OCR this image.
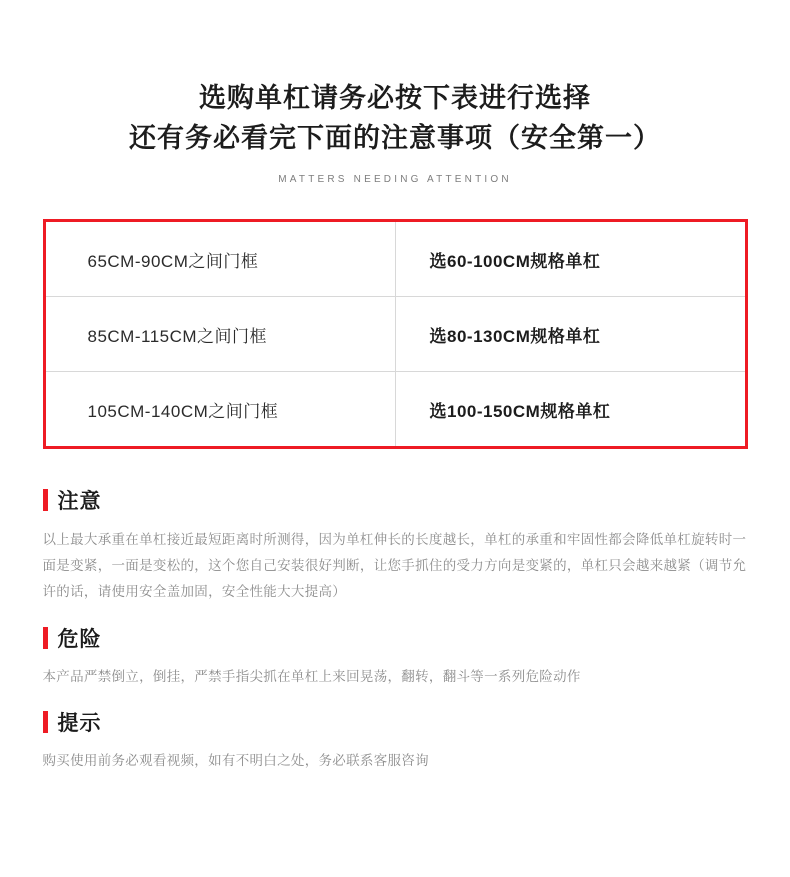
选购单杠请务必按下表进行选择
还有务必看完下面的注意事项（安全第一）
MATTERS NEEDING ATTENTION
65CM-90CM之间门框	选60-100CM规格单杠
85CM-115CM之间门框	选80-130CM规格单杠
105CM-140CM之间门框	选100-150CM规格单杠
注意
以上最大承重在单杠接近最短距离时所测得，因为单杠伸长的长度越长，单杠的承重和牢固性都会降低单杠旋转时一面是变紧，一面是变松的，这个您自己安装很好判断，让您手抓住的受力方向是变紧的，单杠只会越来越紧（调节允许的话，请使用安全盖加固，安全性能大大提高）
危险
本产品严禁倒立，倒挂，严禁手指尖抓在单杠上来回晃荡，翻转，翻斗等一系列危险动作
提示
购买使用前务必观看视频，如有不明白之处，务必联系客服咨询
